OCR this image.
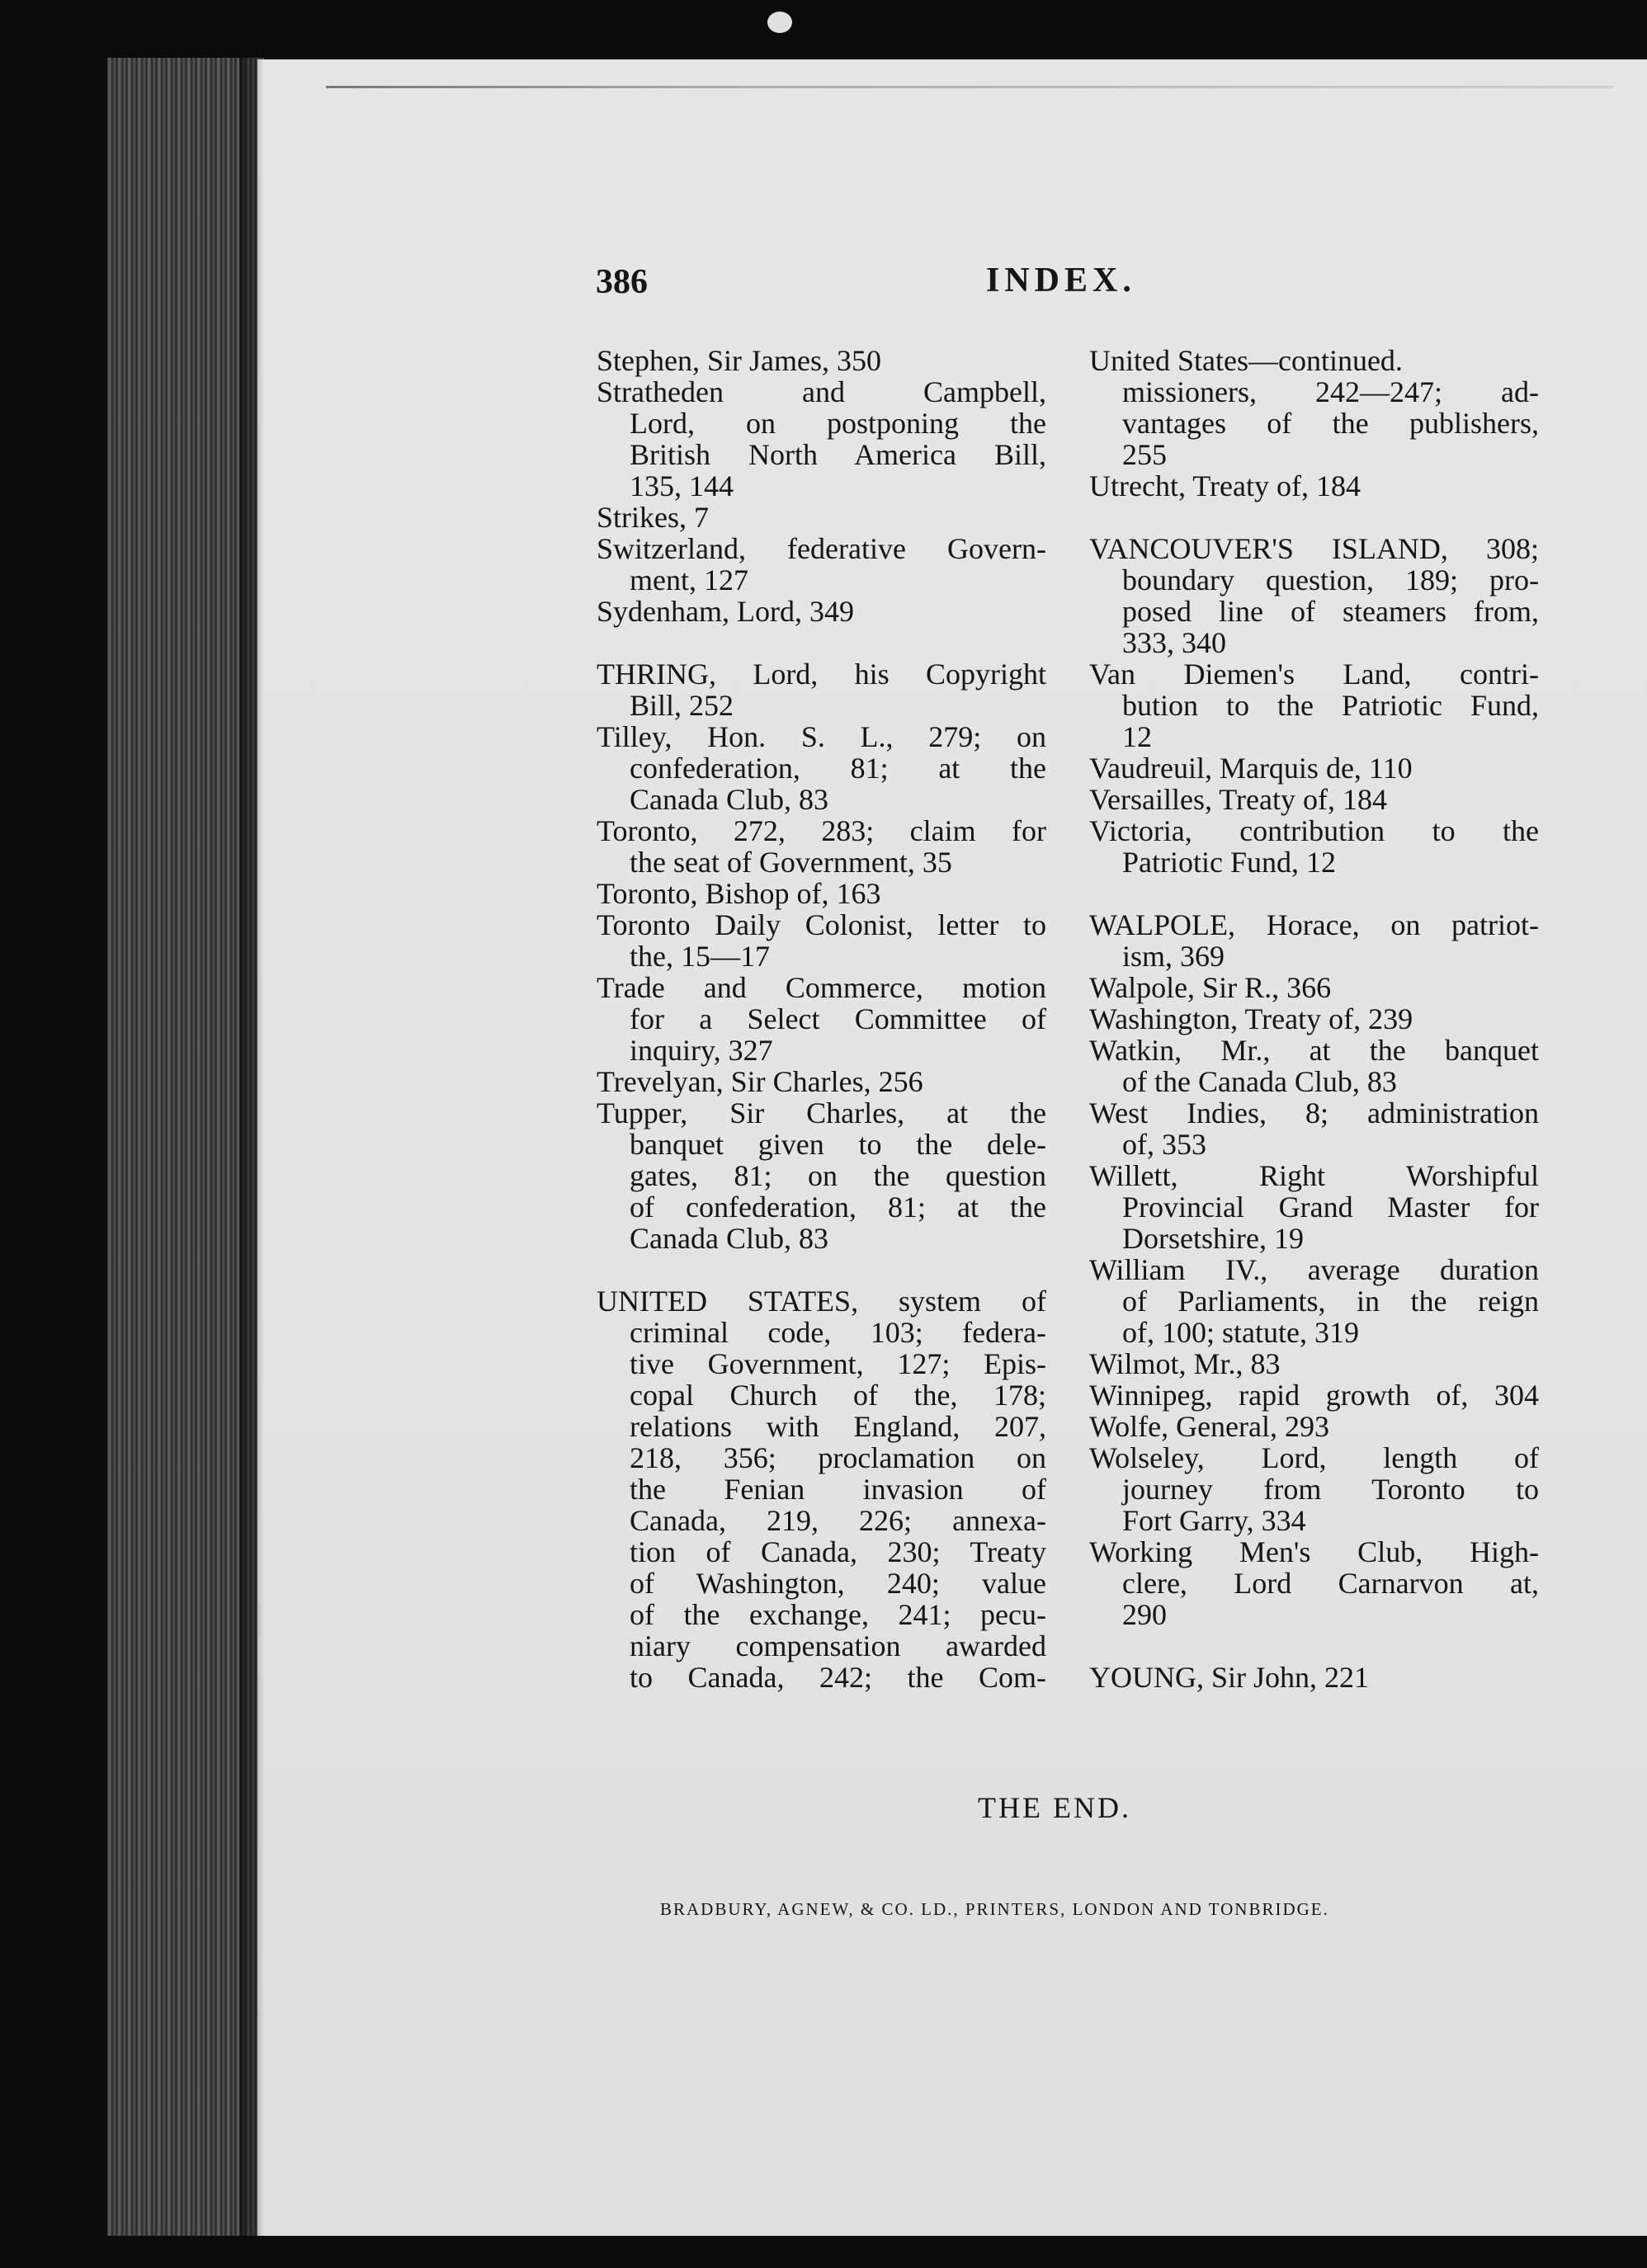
386	INDEX.
Stephen, Sir James, 350
Stratheden and Campbell,
Lord, on postponing the
British North America Bill,
135, 144
Strikes, 7
Switzerland, federative Govern-
ment, 127
Sydenham, Lord, 349
THRING, Lord, his Copyright
Bill, 252
Tilley, Hon. S. L., 279; on
confederation, 81; at the
Canada Club, 83
Toronto, 272, 283; claim for
the seat of Government, 35
Toronto, Bishop of, 163
Toronto Daily Colonist, letter to
the, 15—17
Trade and Commerce, motion
for a Select Committee of
inquiry, 327
Trevelyan, Sir Charles, 256
Tupper, Sir Charles, at the
banquet given to the dele-
gates, 81; on the question
of confederation, 81; at the
Canada Club, 83
UNITED STATES, system of
criminal code, 103; federa-
tive Government, 127; Epis-
copal Church of the, 178;
relations with England, 207,
218, 356; proclamation on
the Fenian invasion of
Canada, 219, 226; annexa-
tion of Canada, 230; Treaty
of Washington, 240; value
of the exchange, 241; pecu-
niary compensation awarded
to Canada, 242; the Com-
United States—continued.
missioners, 242—247; ad-
vantages of the publishers,
255
Utrecht, Treaty of, 184
VANCOUVER'S ISLAND, 308;
boundary question, 189; pro-
posed line of steamers from,
333, 340
Van Diemen's Land, contri-
bution to the Patriotic Fund,
12
Vaudreuil, Marquis de, 110
Versailles, Treaty of, 184
Victoria, contribution to the
Patriotic Fund, 12
WALPOLE, Horace, on patriot-
ism, 369
Walpole, Sir R., 366
Washington, Treaty of, 239
Watkin, Mr., at the banquet
of the Canada Club, 83
West Indies, 8; administration
of, 353
Willett, Right Worshipful
Provincial Grand Master for
Dorsetshire, 19
William IV., average duration
of Parliaments, in the reign
of, 100; statute, 319
Wilmot, Mr., 83
Winnipeg, rapid growth of, 304
Wolfe, General, 293
Wolseley, Lord, length of
journey from Toronto to
Fort Garry, 334
Working Men's Club, High-
clere, Lord Carnarvon at,
290
YOUNG, Sir John, 221
THE END.
BRADBURY, AGNEW, & CO. LD., PRINTERS, LONDON AND TONBRIDGE.
